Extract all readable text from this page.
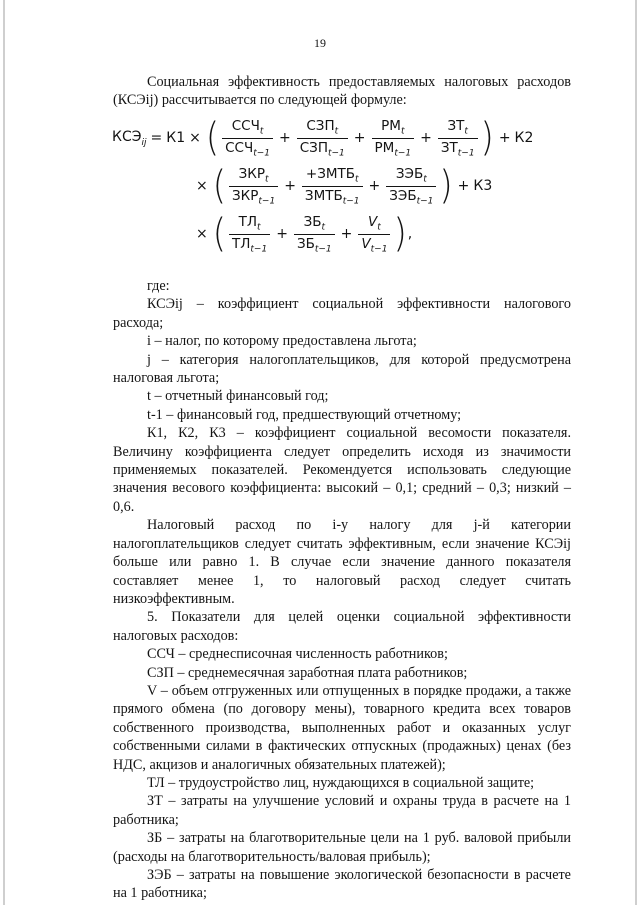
19

Социальная эффективность предоставляемых налоговых расходов (КСЭij) рассчитывается по следующей формуле:

$КСЭ_{ij} = К1$ × ( $\frac{ССЧ_t}{ССЧ_{t-1}} + \frac{СЗП_t}{СЗП_{t-1}} + \frac{РМ_t}{РМ_{t-1}} + \frac{ЗТ_t}{ЗТ_{t-1}}$ ) + К2
× ( $\frac{ЗКР_t}{ЗКР_{t-1}} + \frac{+ЗМТБ_t}{ЗМТБ_{t-1}} + \frac{ЗЭБ_t}{ЗЭБ_{t-1}}$ ) + К3
× ( $\frac{ТЛ_t}{ТЛ_{t-1}} + \frac{ЗБ_t}{ЗБ_{t-1}} + \frac{V_t}{V_{t-1}}$ ) ,

где:

КСЭij – коэффициент социальной эффективности налогового расхода;

i – налог, по которому предоставлена льгота;

j – категория налогоплательщиков, для которой предусмотрена налоговая льгота;

t – отчетный финансовый год;

t-1 – финансовый год, предшествующий отчетному;

К1, К2, К3 – коэффициент социальной весомости показателя. Величину коэффициента следует определить исходя из значимости применяемых показателей. Рекомендуется использовать следующие значения весового коэффициента: высокий – 0,1; средний – 0,3; низкий – 0,6.

Налоговый расход по i-у налогу для j-й категории налогоплательщиков следует считать эффективным, если значение КСЭij больше или равно 1. В случае если значение данного показателя составляет менее 1, то налоговый расход следует считать низкоэффективным.

5. Показатели для целей оценки социальной эффективности налоговых расходов:

ССЧ – среднесписочная численность работников;

СЗП – среднемесячная заработная плата работников;

V – объем отгруженных или отпущенных в порядке продажи, а также прямого обмена (по договору мены), товарного кредита всех товаров собственного производства, выполненных работ и оказанных услуг собственными силами в фактических отпускных (продажных) ценах (без НДС, акцизов и аналогичных обязательных платежей);

ТЛ – трудоустройство лиц, нуждающихся в социальной защите;

ЗТ – затраты на улучшение условий и охраны труда в расчете на 1 работника;

ЗБ – затраты на благотворительные цели на 1 руб. валовой прибыли (расходы на благотворительность/валовая прибыль);

ЗЭБ – затраты на повышение экологической безопасности в расчете на 1 работника;
